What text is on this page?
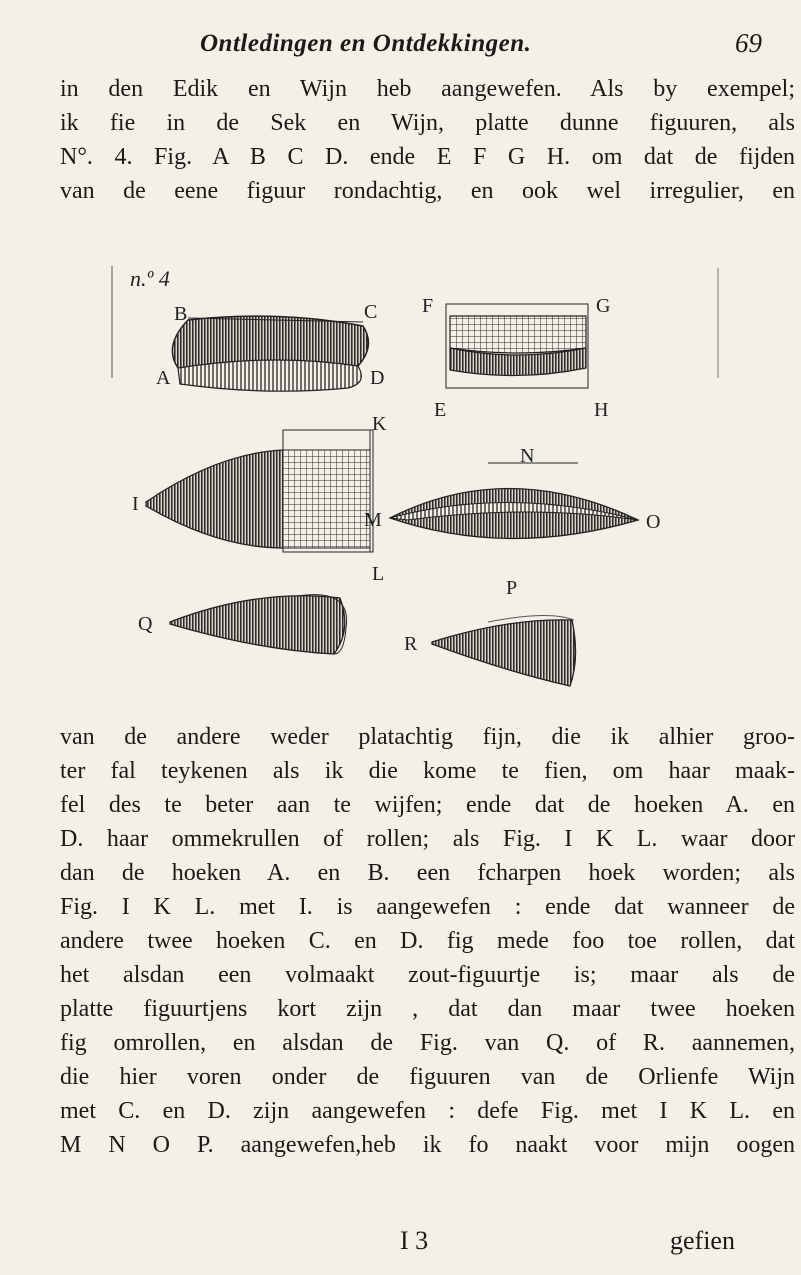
Ontledingen en Ontdekkingen.	69
in den Edik en Wijn heb aangewefen. Als by exempel;
ik fie in de Sek en Wijn, platte dunne figuuren, als
N°. 4. Fig. A B C D. ende E F G H. om dat de fijden
van de eene figuur rondachtig, en ook wel irregulier, en
n.º 4
B	C
A	D
F	G
E	H
I
K
L
N
M	O
P
Q
R
van de andere weder platachtig fijn, die ik alhier groo-
ter fal teykenen als ik die kome te fien, om haar maak-
fel des te beter aan te wijfen; ende dat de hoeken A. en
D. haar ommekrullen of rollen; als Fig. I K L. waar door
dan de hoeken A. en B. een fcharpen hoek worden; als
Fig. I K L. met I. is aangewefen : ende dat wanneer de
andere twee hoeken C. en D. fig mede foo toe rollen, dat
het alsdan een volmaakt zout-figuurtje is; maar als de
platte figuurtjens kort zijn , dat dan maar twee hoeken
fig omrollen, en alsdan de Fig. van Q. of R. aannemen,
die hier voren onder de figuuren van de Orlienfe Wijn
met C. en D. zijn aangewefen : defe Fig. met I K L. en
M N O P. aangewefen,heb ik fo naakt voor mijn oogen
I 3	gefien
